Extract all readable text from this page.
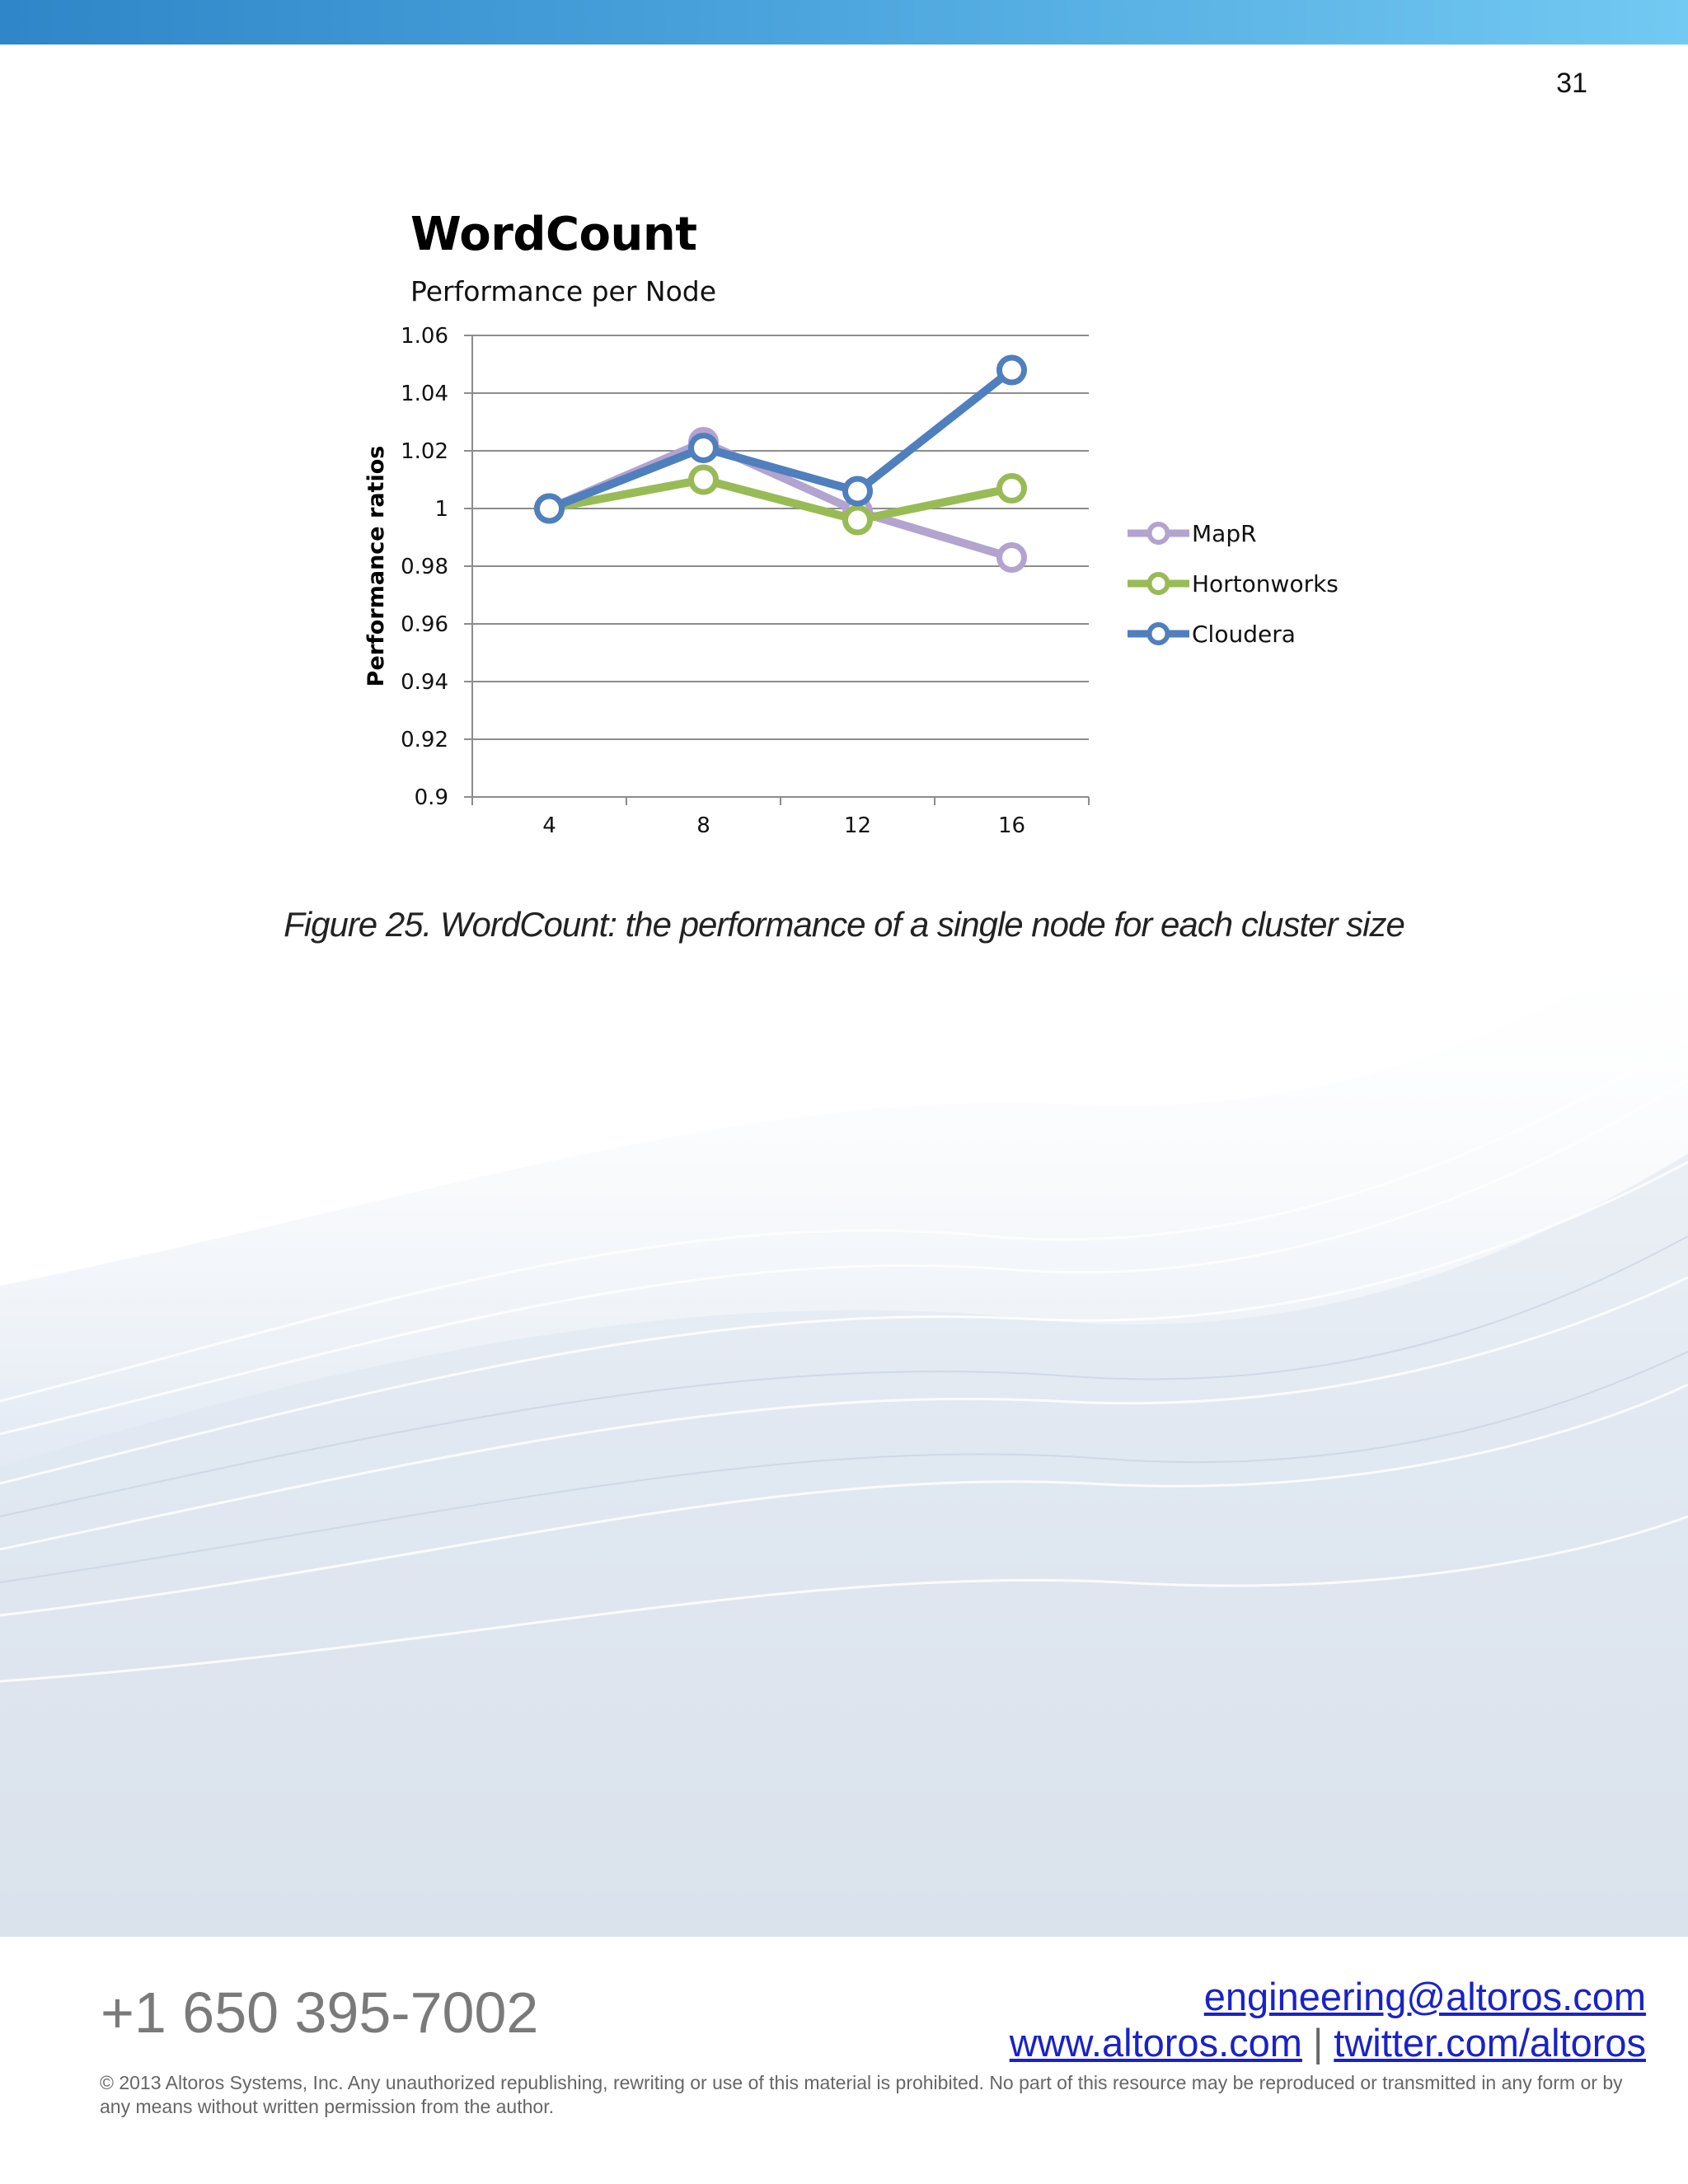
31
0.9
0.92
0.94
0.96
0.98
1
1.02
1.04
1.06
4	8	12	16
MapR
Hortonworks
Cloudera
Performance ratios
WordCount
Performance per Node
Figure 25. WordCount: the performance of a single node for each cluster size
+1 650 395-7002	engineering@altoros.com
www.altoros.com | twitter.com/altoros
© 2013 Altoros Systems, Inc. Any unauthorized republishing, rewriting or use of this material is prohibited. No part of this resource may be reproduced or transmitted in any form or by any means without written permission from the author.
